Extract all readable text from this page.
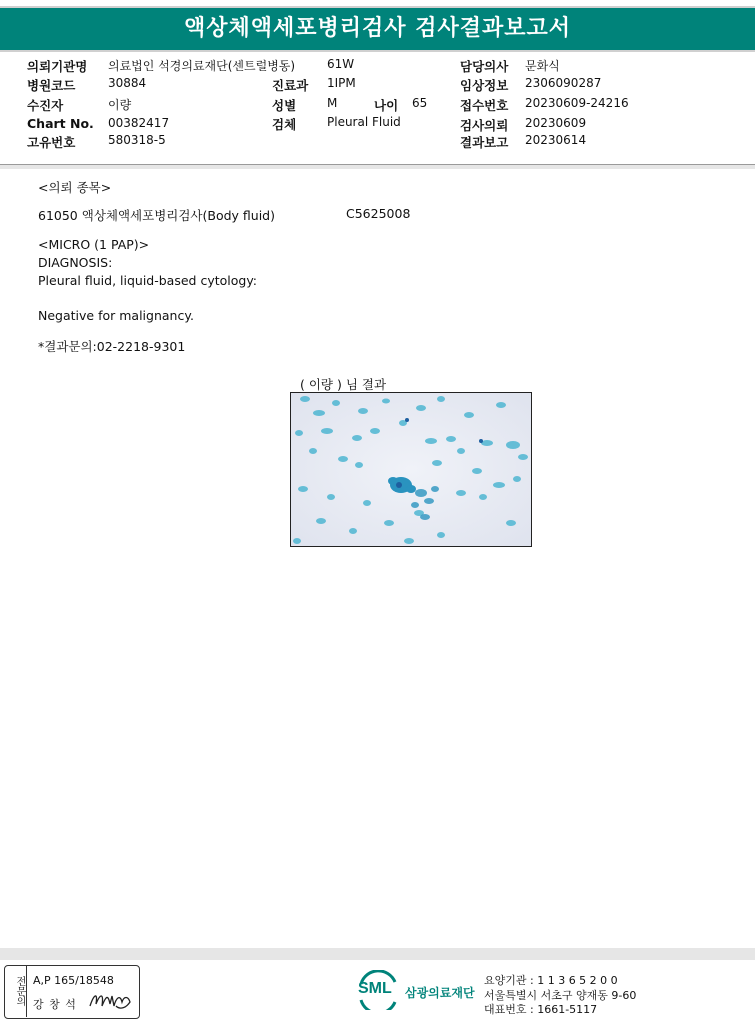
액상체액세포병리검사 검사결과보고서
의뢰기관명 의료법인 석경의료재단(센트럴병동)
병원코드	30884
수진자	이량
Chart No. 00382417
고유번호	580318-5
61W
진료과 1IPM
성별	M	나이 65
검체	Pleural Fluid
담당의사 문화식
임상정보 2306090287
접수번호 20230609-24216
검사의뢰 20230609
결과보고 20230614
<의뢰 종목>
61050 액상체액세포병리검사(Body fluid)	C5625008
<MICRO (1 PAP)>
DIAGNOSIS:
Pleural fluid, liquid-based cytology:
Negative for malignancy.
*결과문의:02-2218-9301
( 이량 ) 님 결과
전문의 A,P 165/18548
강 창 석
SML 삼광의료재단
요양기관 : 1 1 3 6 5 2 0 0
서울특별시 서초구 양재동 9-60
대표번호 : 1661-5117
